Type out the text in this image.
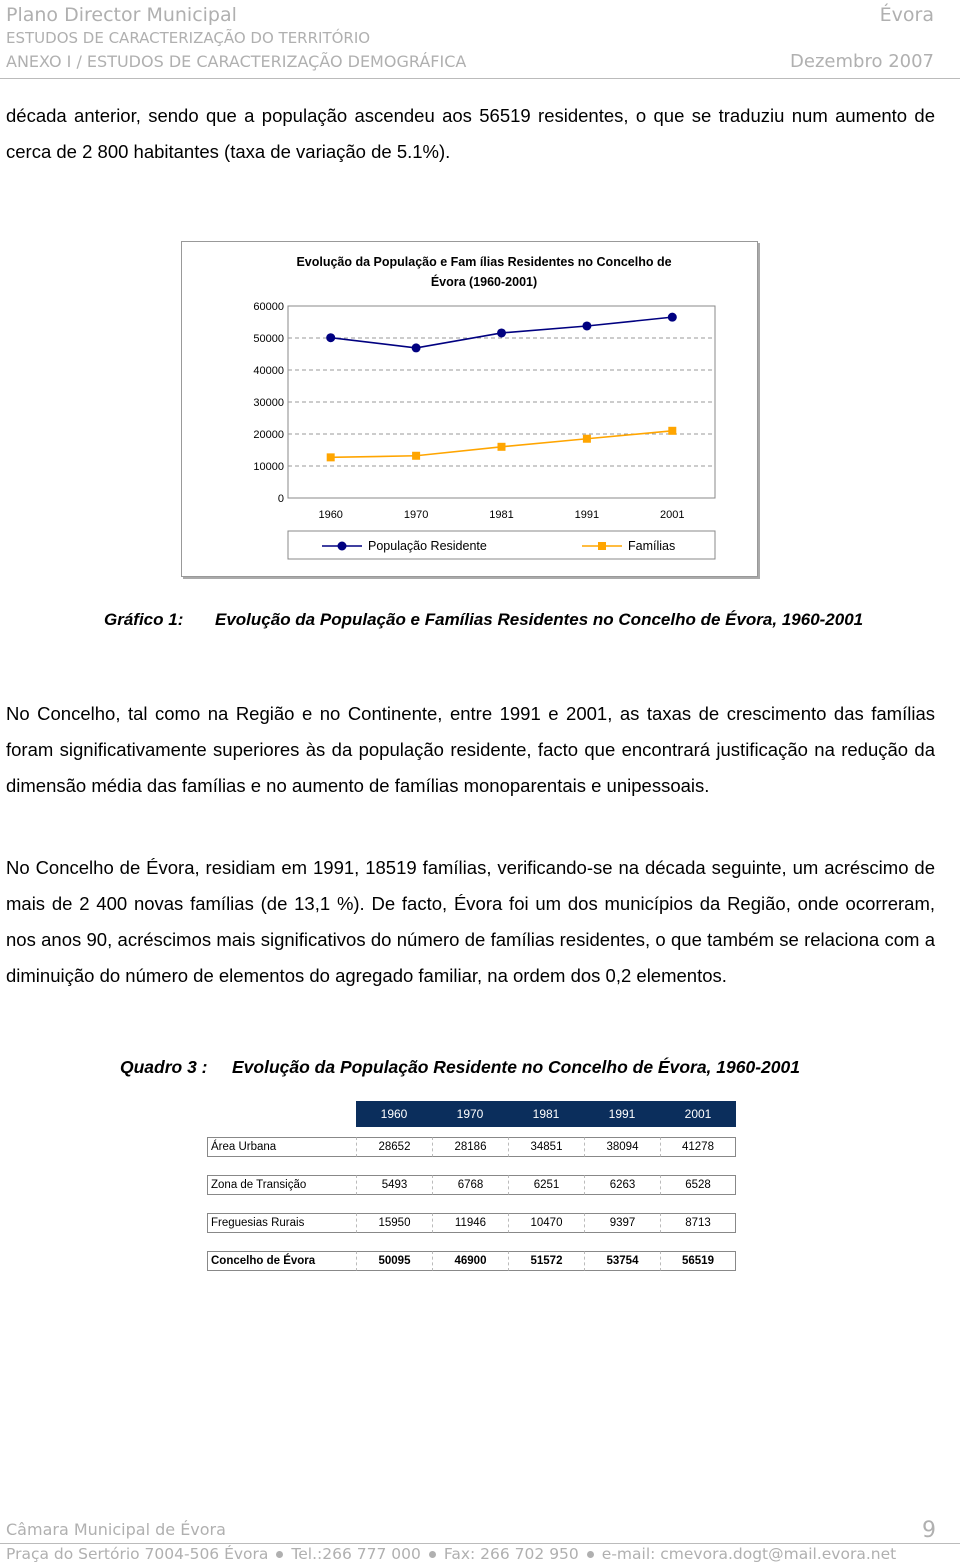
Plano Director Municipal	Évora
ESTUDOS DE CARACTERIZAÇÃO DO TERRITÓRIO
ANEXO I / ESTUDOS DE CARACTERIZAÇÃO DEMOGRÁFICA	Dezembro 2007

década anterior, sendo que a população ascendeu aos 56519 residentes, o que se traduziu num aumento de cerca de 2 800 habitantes (taxa de variação de 5.1%).

Evolução da População e Fam ílias Residentes no Concelho de
Évora (1960-2001)
60000
50000
40000
30000
20000
10000
0
1960	1970	1981	1991	2001
População Residente	Famílias
Gráfico 1: Evolução da População e Famílias Residentes no Concelho de Évora, 1960-2001

No Concelho, tal como na Região e no Continente, entre 1991 e 2001, as taxas de crescimento das famílias foram significativamente superiores às da população residente, facto que encontrará justificação na redução da dimensão média das famílias e no aumento de famílias monoparentais e unipessoais.

No Concelho de Évora, residiam em 1991, 18519 famílias, verificando-se na década seguinte, um acréscimo de mais de 2 400 novas famílias (de 13,1 %). De facto, Évora foi um dos municípios da Região, onde ocorreram, nos anos 90, acréscimos mais significativos do número de famílias residentes, o que também se relaciona com a diminuição do número de elementos do agregado familiar, na ordem dos 0,2 elementos.

Quadro 3 : Evolução da População Residente no Concelho de Évora, 1960-2001
	1960	1970	1981	1991	2001

Área Urbana	28652	28186	34851	38094	41278

Zona de Transição	5493	6768	6251	6263	6528

Freguesias Rurais	15950	11946	10470	9397	8713

Concelho de Évora	50095	46900	51572	53754	56519
Câmara Municipal de Évora	9
Praça do Sertório 7004-506 Évora Tel.:266 777 000 Fax: 266 702 950 e-mail: cmevora.dogt@mail.evora.net
